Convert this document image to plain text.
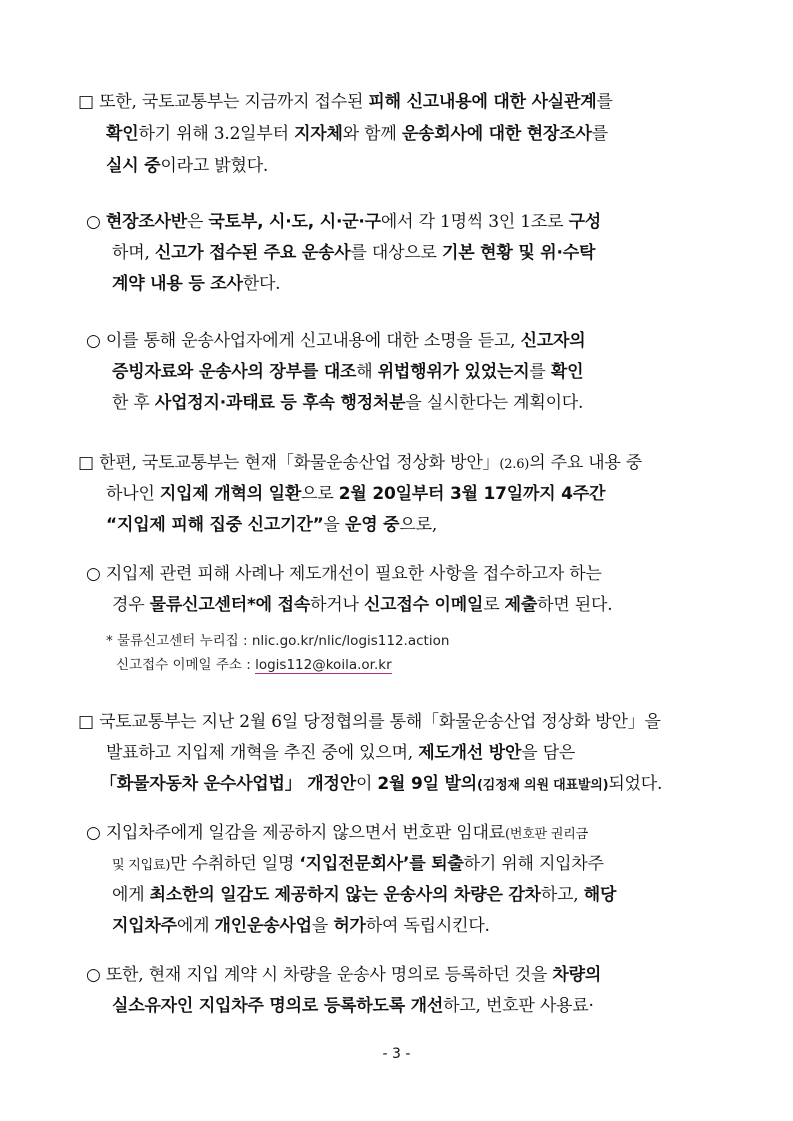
□ 또한, 국토교통부는 지금까지 접수된 피해 신고내용에 대한 사실관계를
확인하기 위해 3.2일부터 지자체와 함께 운송회사에 대한 현장조사를
실시 중이라고 밝혔다.
○ 현장조사반은 국토부, 시·도, 시·군·구에서 각 1명씩 3인 1조로 구성
하며, 신고가 접수된 주요 운송사를 대상으로 기본 현황 및 위·수탁
계약 내용 등 조사한다.
○ 이를 통해 운송사업자에게 신고내용에 대한 소명을 듣고, 신고자의
증빙자료와 운송사의 장부를 대조해 위법행위가 있었는지를 확인
한 후 사업정지·과태료 등 후속 행정처분을 실시한다는 계획이다.
□ 한편, 국토교통부는 현재「화물운송산업 정상화 방안」(2.6)의 주요 내용 중
하나인 지입제 개혁의 일환으로 2월 20일부터 3월 17일까지 4주간
“지입제 피해 집중 신고기간”을 운영 중으로,
○ 지입제 관련 피해 사례나 제도개선이 필요한 사항을 접수하고자 하는
경우 물류신고센터*에 접속하거나 신고접수 이메일로 제출하면 된다.
* 물류신고센터 누리집 : nlic.go.kr/nlic/logis112.action
신고접수 이메일 주소 : logis112@koila.or.kr
□ 국토교통부는 지난 2월 6일 당정협의를 통해「화물운송산업 정상화 방안」을
발표하고 지입제 개혁을 추진 중에 있으며, 제도개선 방안을 담은
「화물자동차 운수사업법」 개정안이 2월 9일 발의(김정재 의원 대표발의)되었다.
○ 지입차주에게 일감을 제공하지 않으면서 번호판 임대료(번호판 권리금
및 지입료)만 수취하던 일명 ‘지입전문회사’를 퇴출하기 위해 지입차주
에게 최소한의 일감도 제공하지 않는 운송사의 차량은 감차하고, 해당
지입차주에게 개인운송사업을 허가하여 독립시킨다.
○ 또한, 현재 지입 계약 시 차량을 운송사 명의로 등록하던 것을 차량의
실소유자인 지입차주 명의로 등록하도록 개선하고, 번호판 사용료·
- 3 -
